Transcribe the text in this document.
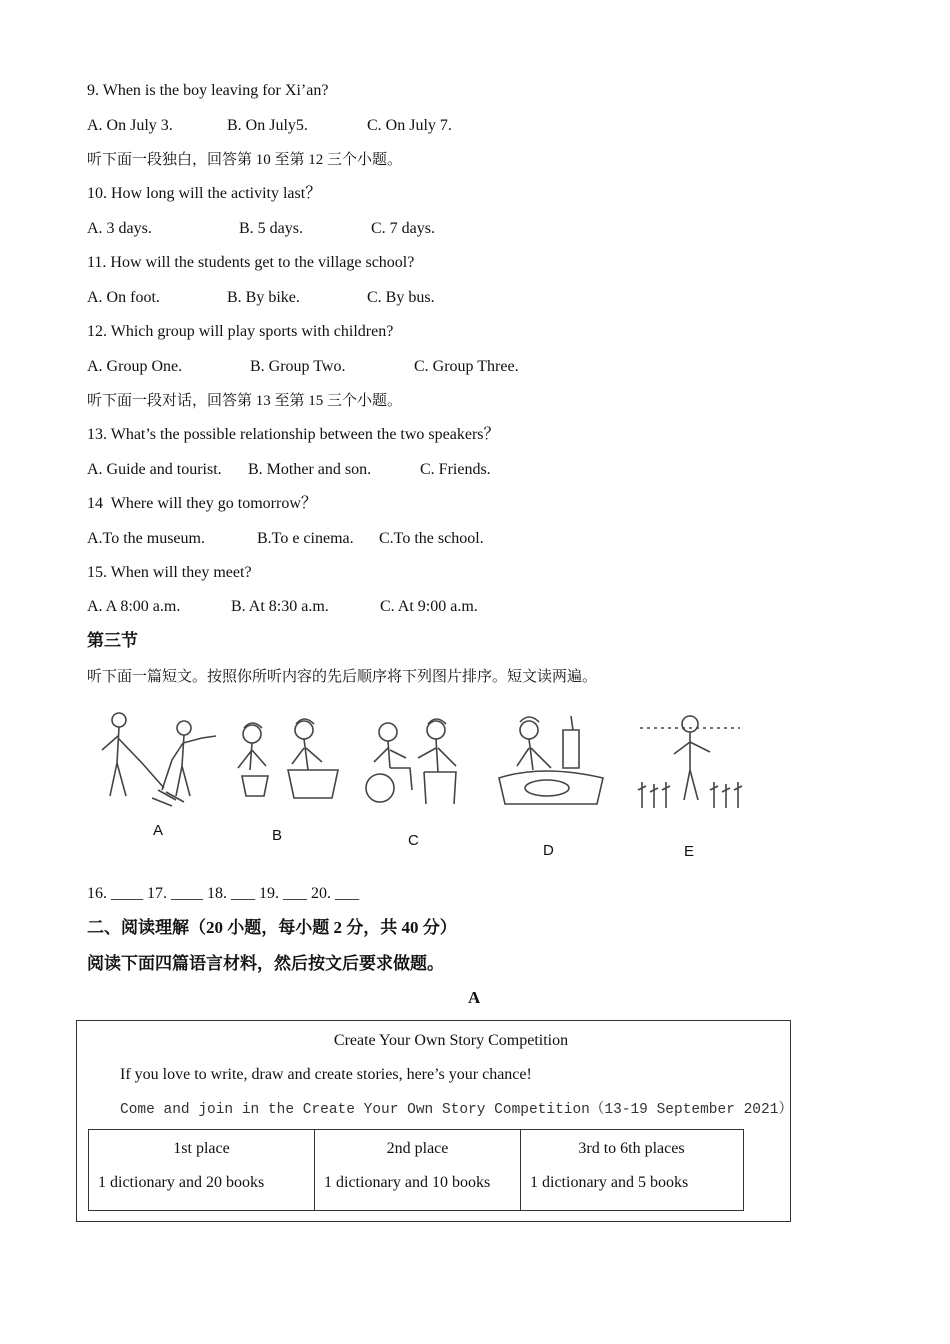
9. When is the boy leaving for Xi’an?
A. On July 3.	B. On July5.	C. On July 7.
听下面一段独白，回答第 10 至第 12 三个小题。
10. How long will the activity last？
A. 3 days.	B. 5 days.	C. 7 days.
11. How will the students get to the village school?
A. On foot.	B. By bike.	C. By bus.
12. Which group will play sports with children?
A. Group One.	B. Group Two.	C. Group Three.
听下面一段对话，回答第 13 至第 15 三个小题。
13. What’s the possible relationship between the two speakers？
A. Guide and tourist. B. Mother and son.	C. Friends.
14  Where will they go tomorrow？
A.To the museum.	B.To e cinema. C.To the school.
15. When will they meet?
A. A 8:00 a.m.	B. At 8:30 a.m.	C. At 9:00 a.m.
第三节
听下面一篇短文。按照你所听内容的先后顺序将下列图片排序。短文读两遍。
A	B	C
D	E
16. ____ 17. ____ 18. ___ 19. ___ 20. ___
二、阅读理解（20 小题，每小题 2 分，共 40 分）
阅读下面四篇语言材料，然后按文后要求做题。
A
Create Your Own Story Competition
If you love to write, draw and create stories, here’s your chance!
Come and join in the Create Your Own Story Competition（13-19 September 2021）
1st place
1 dictionary and 20 books
2nd place
1 dictionary and 10 books
3rd to 6th places
1 dictionary and 5 books
